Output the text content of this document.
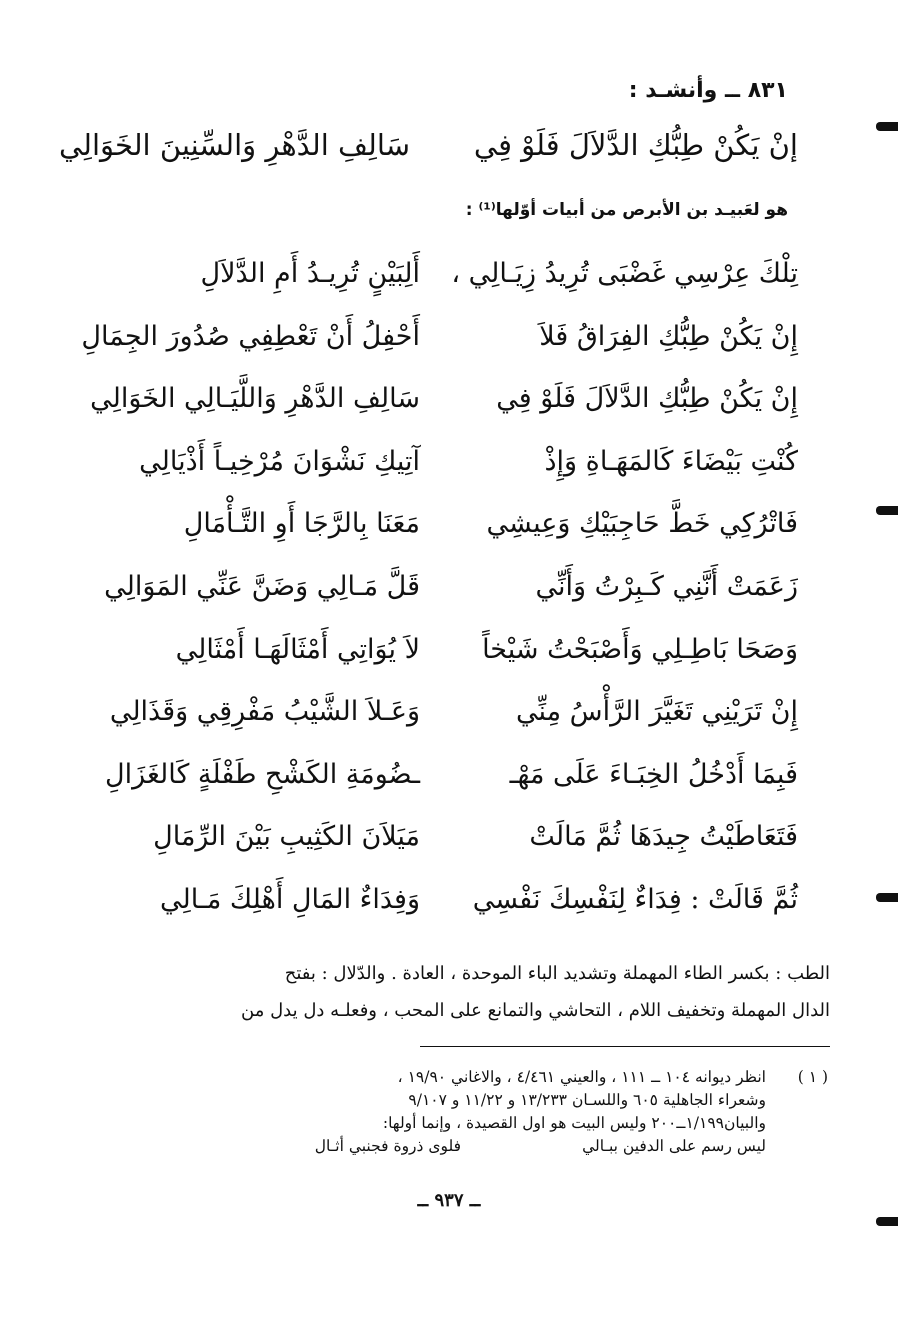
٨٣١ ــ وأنشـد :
إنْ يَكُنْ طِبُّكِ الدَّلاَلَ فَلَوْ فِي
سَالِفِ الدَّهْرِ وَالسِّنِينَ الخَوَالِي
هو لعَبيـد بن الأبرص من أبيات أوّلها⁽¹⁾ :
تِلْكَ عِرْسِي غَضْبَى تُرِيدُ زِيَـالِي ،
أَلِبَيْنٍ تُرِيـدُ أَمِ الدَّلاَلِ
إِنْ يَكُنْ طِبُّكِ الفِرَاقُ فَلاَ
أَحْفِلُ أَنْ تَعْطِفِي صُدُورَ الجِمَالِ
إِنْ يَكُنْ طِبُّكِ الدَّلاَلَ فَلَوْ فِي
سَالِفِ الدَّهْرِ وَاللَّيَـالِي الخَوَالِي
كُنْتِ بَيْضَاءَ كَالمَهَـاةِ وَإِذْ
آتِيكِ نَشْوَانَ مُرْخِيـاً أَذْيَالِي
فَاتْرُكِي خَطَّ حَاجِبَيْكِ وَعِيشِي
مَعَنَا بِالرَّجَا أَوِ التَّـأْمَالِ
زَعَمَتْ أَنَّنِي كَـبِرْتُ وَأَنِّي
قَلَّ مَـالِي وَضَنَّ عَنِّي المَوَالِي
وَصَحَا بَاطِـلِي وَأَصْبَحْتُ شَيْخاً
لاَ يُوَاتِي أَمْثَالَهَـا أَمْثَالِي
إِنْ تَرَيْنِي تَغَيَّرَ الرَّأْسُ مِنِّي
وَعَـلاَ الشَّيْبُ مَفْرِقِي وَقَذَالِي
فَبِمَا أَدْخُلُ الخِبَـاءَ عَلَى مَهْـ
ـضُومَةِ الكَشْحِ طَفْلَةٍ كَالغَزَالِ
فَتَعَاطَيْتُ جِيدَهَا ثُمَّ مَالَتْ
مَيَلاَنَ الكَثِيبِ بَيْنَ الرِّمَالِ
ثُمَّ قَالَتْ : فِدَاءٌ لِنَفْسِكَ نَفْسِي
وَفِدَاءٌ المَالِ أَهْلِكَ مَـالِي
الطب : بكسر الطاء المهملة وتشديد الباء الموحدة ، العادة . والدّلال : بفتح
الدال المهملة وتخفيف اللام ، التحاشي والتمانع على المحب ، وفعلـه دل يدل من
( ١ )
انظر ديوانه ١٠٤ ــ ١١١ ، والعيني ٤/٤٦١ ، والاغاني ١٩/٩٠ ،
وشعراء الجاهلية ٦٠٥ واللسـان ١٣/٢٣٣ و ١١/٢٢ و ٩/١٠٧
والبيان١/١٩٩ــ٢٠٠ وليس البيت هو اول القصيدة ، وإنما أولها:
ليس رسم على الدفين ببـالي فلوى ذروة فجنبي أثـال
ــ ٩٣٧ ــ
